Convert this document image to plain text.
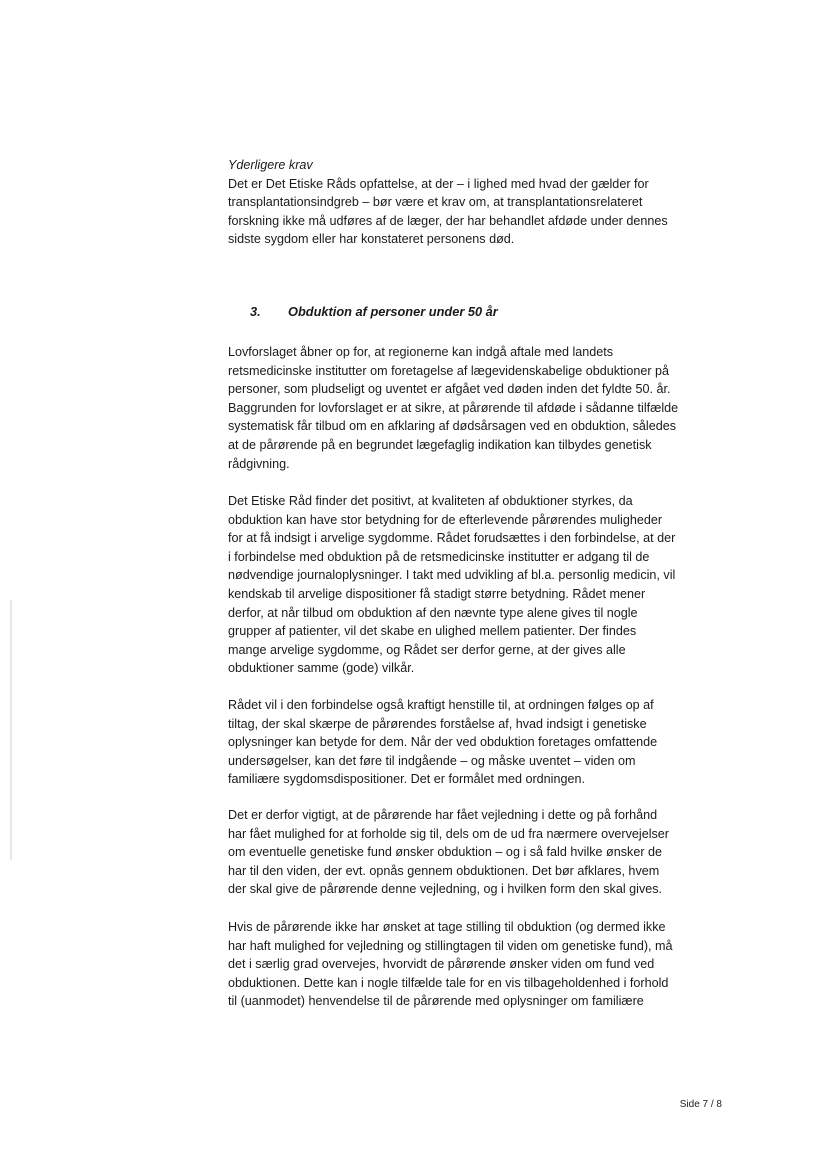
Yderligere krav
Det er Det Etiske Råds opfattelse, at der – i lighed med hvad der gælder for
transplantationsindgreb – bør være et krav om, at transplantationsrelateret
forskning ikke må udføres af de læger, der har behandlet afdøde under dennes
sidste sygdom eller har konstateret personens død.
3. Obduktion af personer under 50 år
Lovforslaget åbner op for, at regionerne kan indgå aftale med landets
retsmedicinske institutter om foretagelse af lægevidenskabelige obduktioner på
personer, som pludseligt og uventet er afgået ved døden inden det fyldte 50. år.
Baggrunden for lovforslaget er at sikre, at pårørende til afdøde i sådanne tilfælde
systematisk får tilbud om en afklaring af dødsårsagen ved en obduktion, således
at de pårørende på en begrundet lægefaglig indikation kan tilbydes genetisk
rådgivning.
Det Etiske Råd finder det positivt, at kvaliteten af obduktioner styrkes, da
obduktion kan have stor betydning for de efterlevende pårørendes muligheder
for at få indsigt i arvelige sygdomme. Rådet forudsættes i den forbindelse, at der
i forbindelse med obduktion på de retsmedicinske institutter er adgang til de
nødvendige journaloplysninger. I takt med udvikling af bl.a. personlig medicin, vil
kendskab til arvelige dispositioner få stadigt større betydning. Rådet mener
derfor, at når tilbud om obduktion af den nævnte type alene gives til nogle
grupper af patienter, vil det skabe en ulighed mellem patienter. Der findes
mange arvelige sygdomme, og Rådet ser derfor gerne, at der gives alle
obduktioner samme (gode) vilkår.
Rådet vil i den forbindelse også kraftigt henstille til, at ordningen følges op af
tiltag, der skal skærpe de pårørendes forståelse af, hvad indsigt i genetiske
oplysninger kan betyde for dem. Når der ved obduktion foretages omfattende
undersøgelser, kan det føre til indgående – og måske uventet – viden om
familiære sygdomsdispositioner. Det er formålet med ordningen.
Det er derfor vigtigt, at de pårørende har fået vejledning i dette og på forhånd
har fået mulighed for at forholde sig til, dels om de ud fra nærmere overvejelser
om eventuelle genetiske fund ønsker obduktion – og i så fald hvilke ønsker de
har til den viden, der evt. opnås gennem obduktionen. Det bør afklares, hvem
der skal give de pårørende denne vejledning, og i hvilken form den skal gives.
Hvis de pårørende ikke har ønsket at tage stilling til obduktion (og dermed ikke
har haft mulighed for vejledning og stillingtagen til viden om genetiske fund), må
det i særlig grad overvejes, hvorvidt de pårørende ønsker viden om fund ved
obduktionen. Dette kan i nogle tilfælde tale for en vis tilbageholdenhed i forhold
til (uanmodet) henvendelse til de pårørende med oplysninger om familiære
Side 7 / 8
